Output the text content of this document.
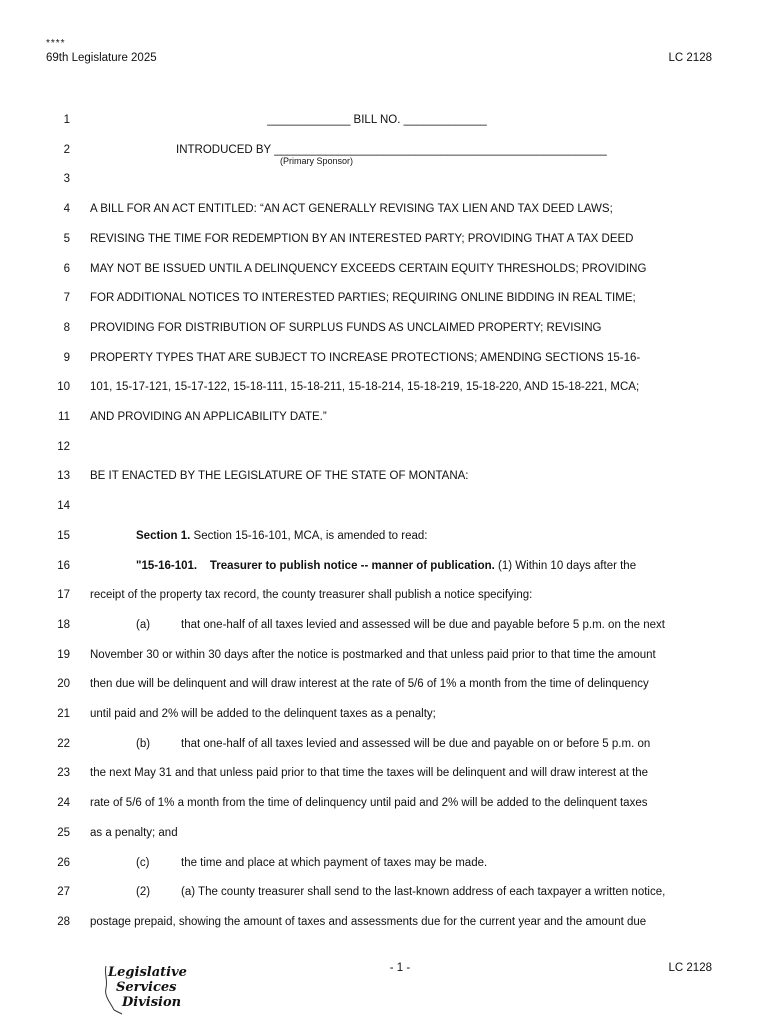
****
69th Legislature 2025	LC 2128
1	_____________ BILL NO. _____________
2	INTRODUCED BY ____________________________________________________
3
4 A BILL FOR AN ACT ENTITLED: “AN ACT GENERALLY REVISING TAX LIEN AND TAX DEED LAWS;
5 REVISING THE TIME FOR REDEMPTION BY AN INTERESTED PARTY; PROVIDING THAT A TAX DEED
6 MAY NOT BE ISSUED UNTIL A DELINQUENCY EXCEEDS CERTAIN EQUITY THRESHOLDS; PROVIDING
7 FOR ADDITIONAL NOTICES TO INTERESTED PARTIES; REQUIRING ONLINE BIDDING IN REAL TIME;
8 PROVIDING FOR DISTRIBUTION OF SURPLUS FUNDS AS UNCLAIMED PROPERTY; REVISING
9 PROPERTY TYPES THAT ARE SUBJECT TO INCREASE PROTECTIONS; AMENDING SECTIONS 15-16-
10 101, 15-17-121, 15-17-122, 15-18-111, 15-18-211, 15-18-214, 15-18-219, 15-18-220, AND 15-18-221, MCA;
11 AND PROVIDING AN APPLICABILITY DATE.”
12
13 BE IT ENACTED BY THE LEGISLATURE OF THE STATE OF MONTANA:
14
15	Section 1. Section 15-16-101, MCA, is amended to read:
16	"15-16-101.    Treasurer to publish notice -- manner of publication. (1) Within 10 days after the
17 receipt of the property tax record, the county treasurer shall publish a notice specifying:
18	(a)	that one-half of all taxes levied and assessed will be due and payable before 5 p.m. on the next
19 November 30 or within 30 days after the notice is postmarked and that unless paid prior to that time the amount
20 then due will be delinquent and will draw interest at the rate of 5/6 of 1% a month from the time of delinquency
21 until paid and 2% will be added to the delinquent taxes as a penalty;
22	(b)	that one-half of all taxes levied and assessed will be due and payable on or before 5 p.m. on
23 the next May 31 and that unless paid prior to that time the taxes will be delinquent and will draw interest at the
24 rate of 5/6 of 1% a month from the time of delinquency until paid and 2% will be added to the delinquent taxes
25 as a penalty; and
26	(c)	the time and place at which payment of taxes may be made.
27	(2)	(a) The county treasurer shall send to the last-known address of each taxpayer a written notice,
28 postage prepaid, showing the amount of taxes and assessments due for the current year and the amount due
(Primary Sponsor)
Legislative
Services
Division
- 1 -	LC 2128
